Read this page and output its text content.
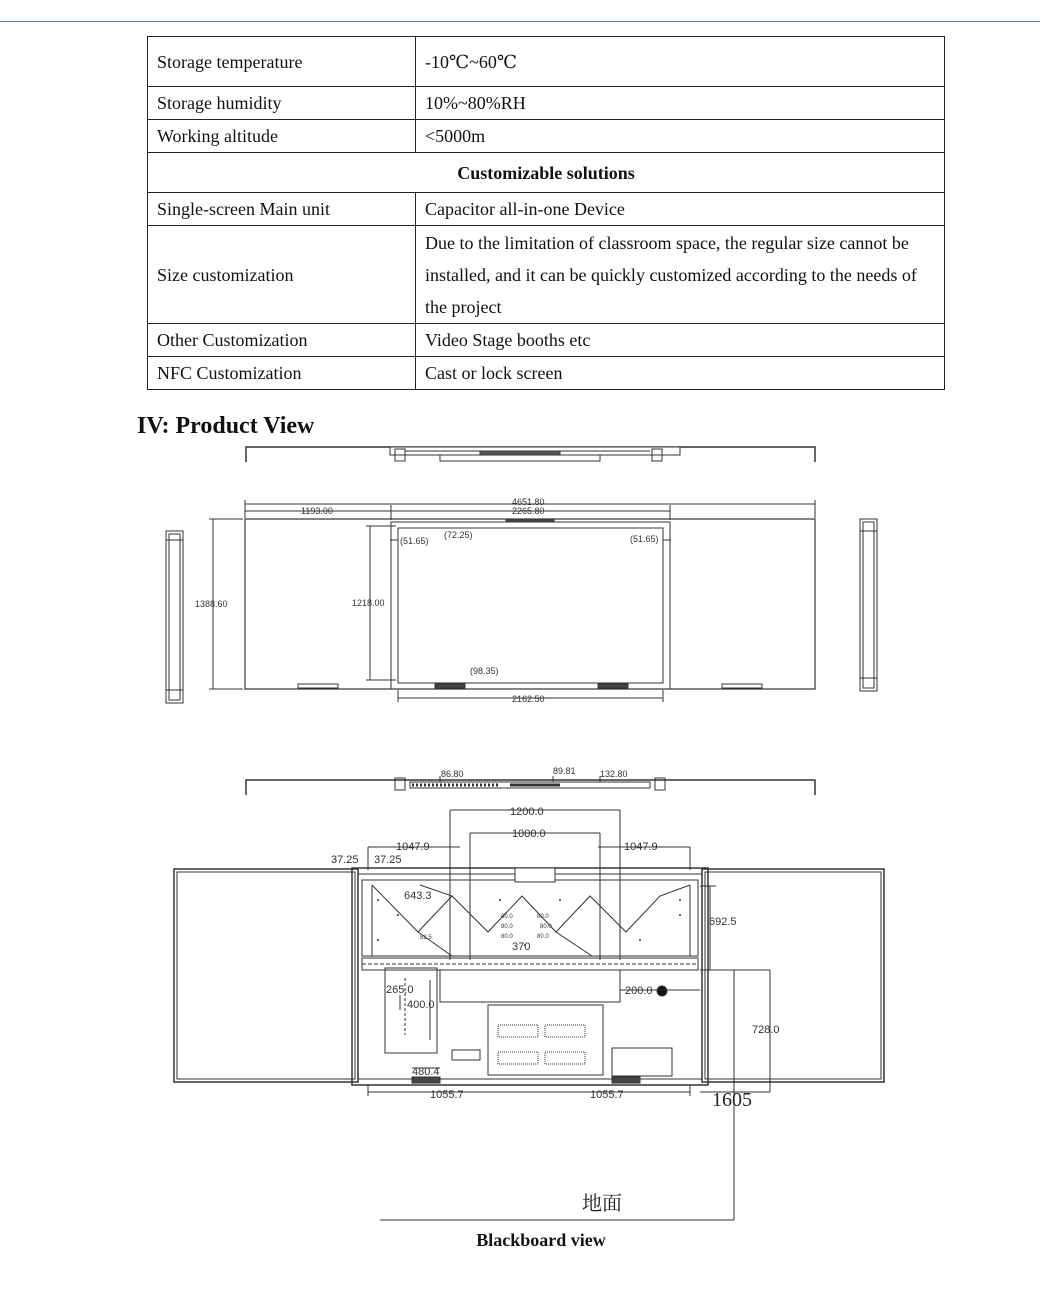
Storage temperature	-10℃~60℃
Storage humidity	10%~80%RH
Working altitude	<5000m
Customizable solutions	
Single-screen Main unit	Capacitor all-in-one Device
Size customization	Due to the limitation of classroom space, the regular size cannot be installed, and it can be quickly customized according to the needs of the project
Other Customization	Video Stage booths etc
NFC Customization	Cast or lock screen
IV: Product View
4651.80
2265.80
1193.00
(51.65)
(72.25)	(51.65)
1388.60	1218.00
(98.35)
2162.50
86.80	89.81	132.80
1200.0
1000.0
1047.9	1047.9
37.25 37.25
643.3
692.5
370
265.0
400.0
200.0
728.0
480.4
1055.7	1055.7
80.0
80.0
80.0
80.0
80.0
80.0
82.5
1605
地面
Blackboard view
